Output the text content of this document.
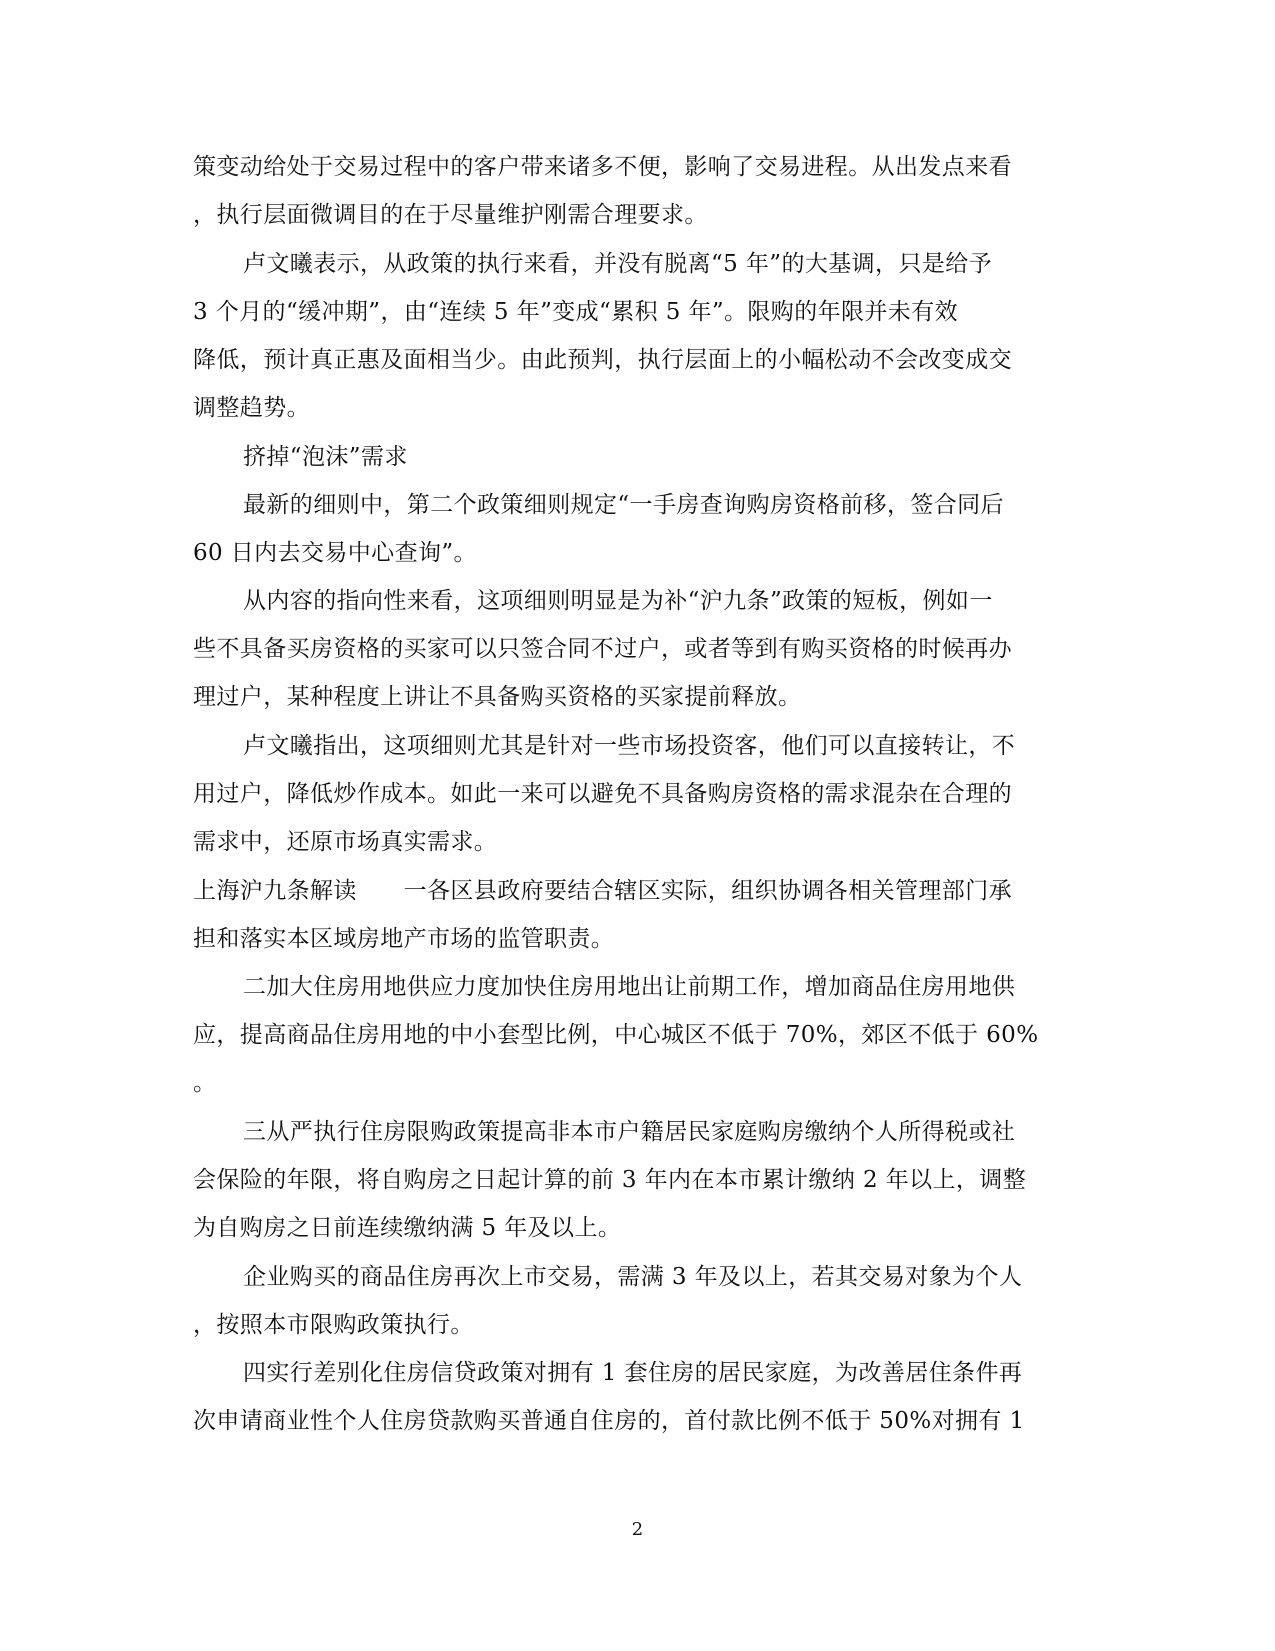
策变动给处于交易过程中的客户带来诸多不便，影响了交易进程。从出发点来看
，执行层面微调目的在于尽量维护刚需合理要求。
卢文曦表示，从政策的执行来看，并没有脱离“5 年”的大基调，只是给予
3 个月的“缓冲期”，由“连续 5 年”变成“累积 5 年”。限购的年限并未有效
降低，预计真正惠及面相当少。由此预判，执行层面上的小幅松动不会改变成交
调整趋势。
挤掉“泡沫”需求
最新的细则中，第二个政策细则规定“一手房查询购房资格前移，签合同后
60 日内去交易中心查询”。
从内容的指向性来看，这项细则明显是为补“沪九条”政策的短板，例如一
些不具备买房资格的买家可以只签合同不过户，或者等到有购买资格的时候再办
理过户，某种程度上讲让不具备购买资格的买家提前释放。
卢文曦指出，这项细则尤其是针对一些市场投资客，他们可以直接转让，不
用过户，降低炒作成本。如此一来可以避免不具备购房资格的需求混杂在合理的
需求中，还原市场真实需求。
上海沪九条解读　　一各区县政府要结合辖区实际，组织协调各相关管理部门承
担和落实本区域房地产市场的监管职责。
二加大住房用地供应力度加快住房用地出让前期工作，增加商品住房用地供
应，提高商品住房用地的中小套型比例，中心城区不低于 70%，郊区不低于 60%
。
三从严执行住房限购政策提高非本市户籍居民家庭购房缴纳个人所得税或社
会保险的年限，将自购房之日起计算的前 3 年内在本市累计缴纳 2 年以上，调整
为自购房之日前连续缴纳满 5 年及以上。
企业购买的商品住房再次上市交易，需满 3 年及以上，若其交易对象为个人
，按照本市限购政策执行。
四实行差别化住房信贷政策对拥有 1 套住房的居民家庭，为改善居住条件再
次申请商业性个人住房贷款购买普通自住房的，首付款比例不低于 50%对拥有 1
2
